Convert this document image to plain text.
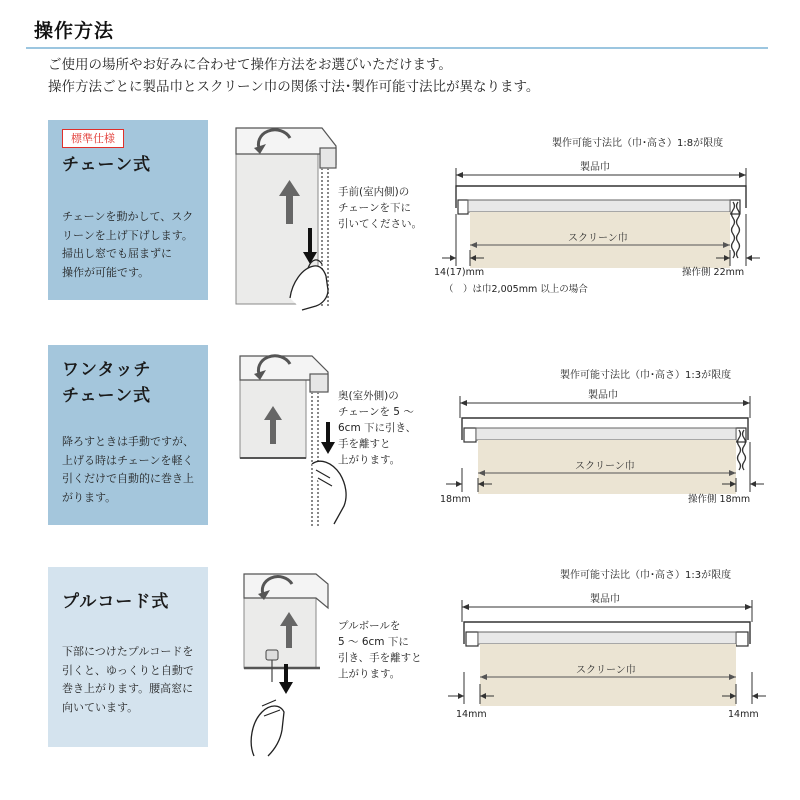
操作方法
ご使用の場所やお好みに合わせて操作方法をお選びいただけます。
操作方法ごとに製品巾とスクリーン巾の関係寸法･製作可能寸法比が異なります。
標準仕様
チェーン式
チェーンを動かして、スク
リーンを上げ下げします。
掃出し窓でも屈まずに
操作が可能です。
手前(室内側)の
チェーンを下に
引いてください。
製作可能寸法比（巾･高さ）1:8が限度
製品巾
スクリーン巾
14(17)mm	操作側 22mm
（　）は巾2,005mm 以上の場合
ワンタッチ
チェーン式
降ろすときは手動ですが、
上げる時はチェーンを軽く
引くだけで自動的に巻き上
がります。
奥(室外側)の
チェーンを 5 ～
6cm 下に引き、
手を離すと
上がります。
製作可能寸法比（巾･高さ）1:3が限度
製品巾
スクリーン巾
18mm	操作側 18mm
プルコード式
下部につけたプルコードを
引くと、ゆっくりと自動で
巻き上がります。腰高窓に
向いています。
プルボールを
5 ～ 6cm 下に
引き、手を離すと
上がります。
製作可能寸法比（巾･高さ）1:3が限度
製品巾
スクリーン巾
14mm	14mm
